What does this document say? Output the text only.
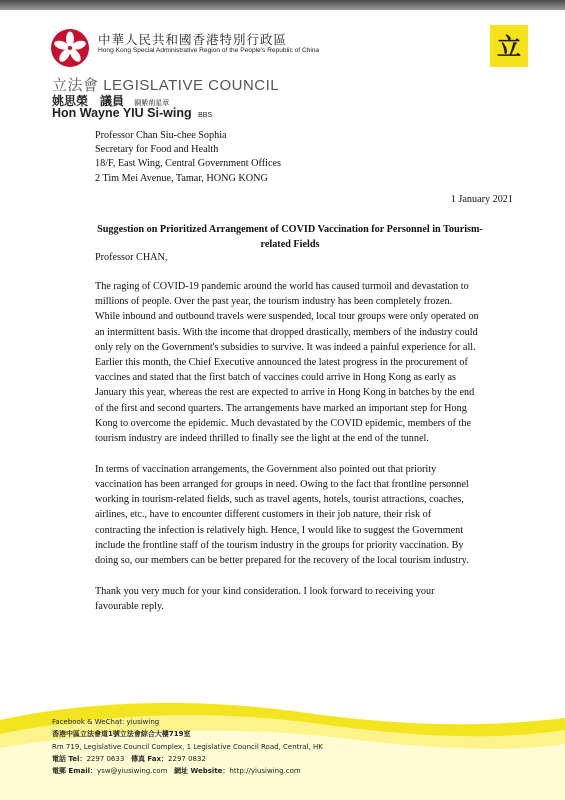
中華人民共和國香港特別行政區
Hong Kong Special Administrative Region of the People's Republic of China	立
立法會 LEGISLATIVE COUNCIL
姚思榮　議員 銅紫荊星章
Hon Wayne YIU Si-wing BBS
Professor Chan Siu-chee Sophia
Secretary for Food and Health
18/F, East Wing, Central Government Offices
2 Tim Mei Avenue, Tamar, HONG KONG
1 January 2021
Suggestion on Prioritized Arrangement of COVID Vaccination for Personnel in Tourism-related Fields
Professor CHAN,

The raging of COVID-19 pandemic around the world has caused turmoil and devastation to millions of people. Over the past year, the tourism industry has been completely frozen. While inbound and outbound travels were suspended, local tour groups were only operated on an intermittent basis. With the income that dropped drastically, members of the industry could only rely on the Government's subsidies to survive. It was indeed a painful experience for all. Earlier this month, the Chief Executive announced the latest progress in the procurement of vaccines and stated that the first batch of vaccines could arrive in Hong Kong as early as January this year, whereas the rest are expected to arrive in Hong Kong in batches by the end of the first and second quarters. The arrangements have marked an important step for Hong Kong to overcome the epidemic. Much devastated by the COVID epidemic, members of the tourism industry are indeed thrilled to finally see the light at the end of the tunnel.

In terms of vaccination arrangements, the Government also pointed out that priority vaccination has been arranged for groups in need. Owing to the fact that frontline personnel working in tourism-related fields, such as travel agents, hotels, tourist attractions, coaches, airlines, etc., have to encounter different customers in their job nature, their risk of contracting the infection is relatively high. Hence, I would like to suggest the Government include the frontline staff of the tourism industry in the groups for priority vaccination. By doing so, our members can be better prepared for the recovery of the local tourism industry.

Thank you very much for your kind consideration. I look forward to receiving your favourable reply.

Facebook & WeChat: yiusiwing
香港中區立法會道1號立法會綜合大樓719室
Rm 719, Legislative Council Complex, 1 Legislative Council Road, Central, HK
電話 Tel：2297 0633 傳真 Fax：2297 0832
電郵 Email：ysw@yiusiwing.com 網址 Website：http://yiusiwing.com
